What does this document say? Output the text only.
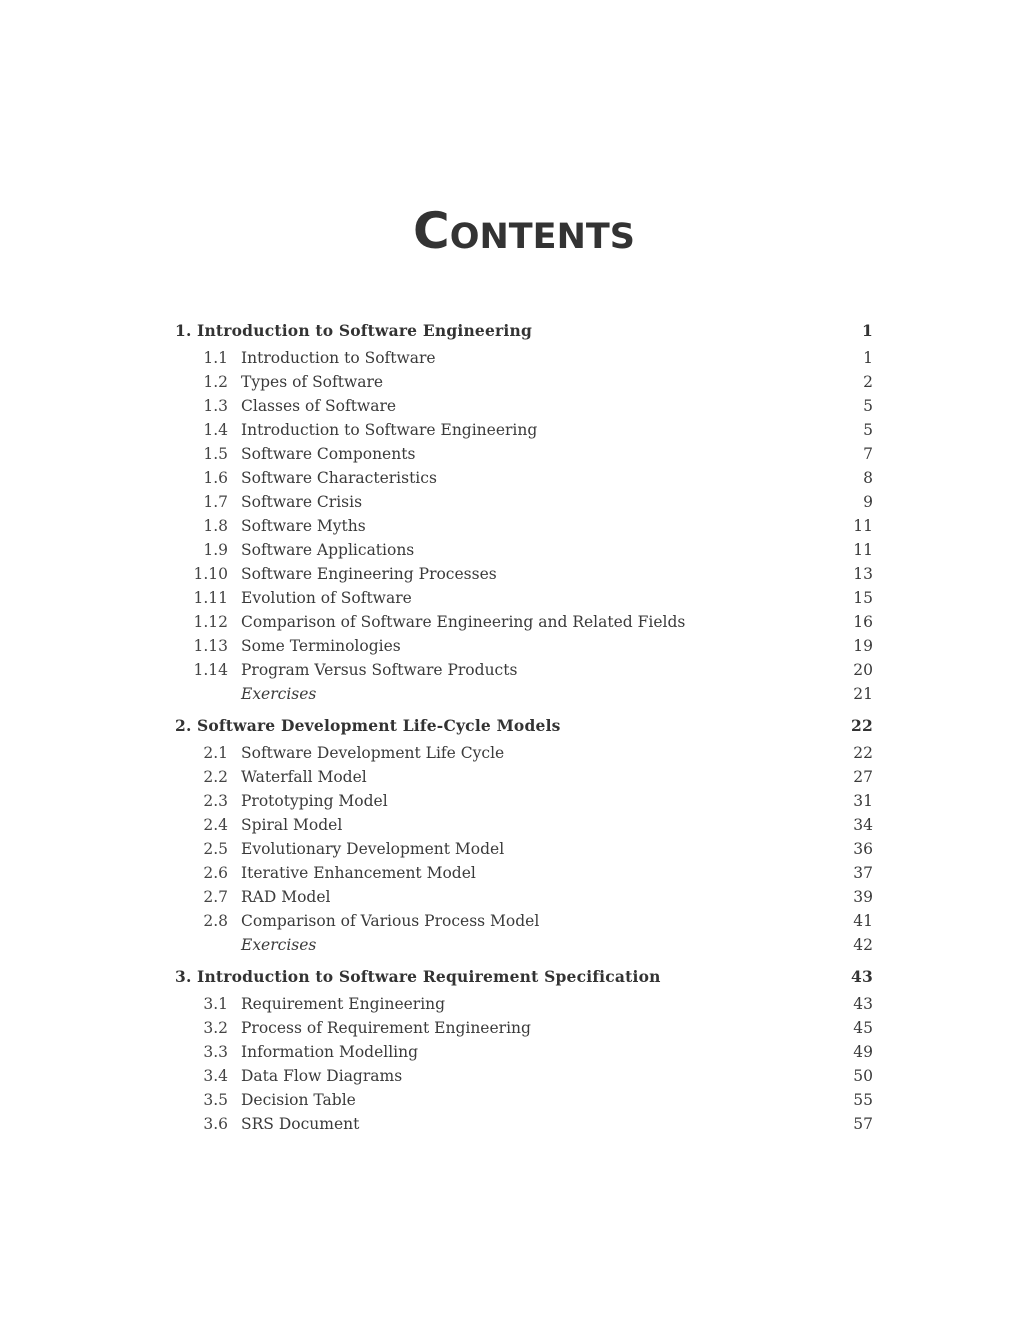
Contents
1. Introduction to Software Engineering	1
1.1 Introduction to Software	1
1.2 Types of Software	2
1.3 Classes of Software	5
1.4 Introduction to Software Engineering	5
1.5 Software Components	7
1.6 Software Characteristics	8
1.7 Software Crisis	9
1.8 Software Myths	11
1.9 Software Applications	11
1.10 Software Engineering Processes	13
1.11 Evolution of Software	15
1.12 Comparison of Software Engineering and Related Fields	16
1.13 Some Terminologies	19
1.14 Program Versus Software Products	20
Exercises	21
2. Software Development Life-Cycle Models	22
2.1 Software Development Life Cycle	22
2.2 Waterfall Model	27
2.3 Prototyping Model	31
2.4 Spiral Model	34
2.5 Evolutionary Development Model	36
2.6 Iterative Enhancement Model	37
2.7 RAD Model	39
2.8 Comparison of Various Process Model	41
Exercises	42
3. Introduction to Software Requirement Specification	43
3.1 Requirement Engineering	43
3.2 Process of Requirement Engineering	45
3.3 Information Modelling	49
3.4 Data Flow Diagrams	50
3.5 Decision Table	55
3.6 SRS Document	57
